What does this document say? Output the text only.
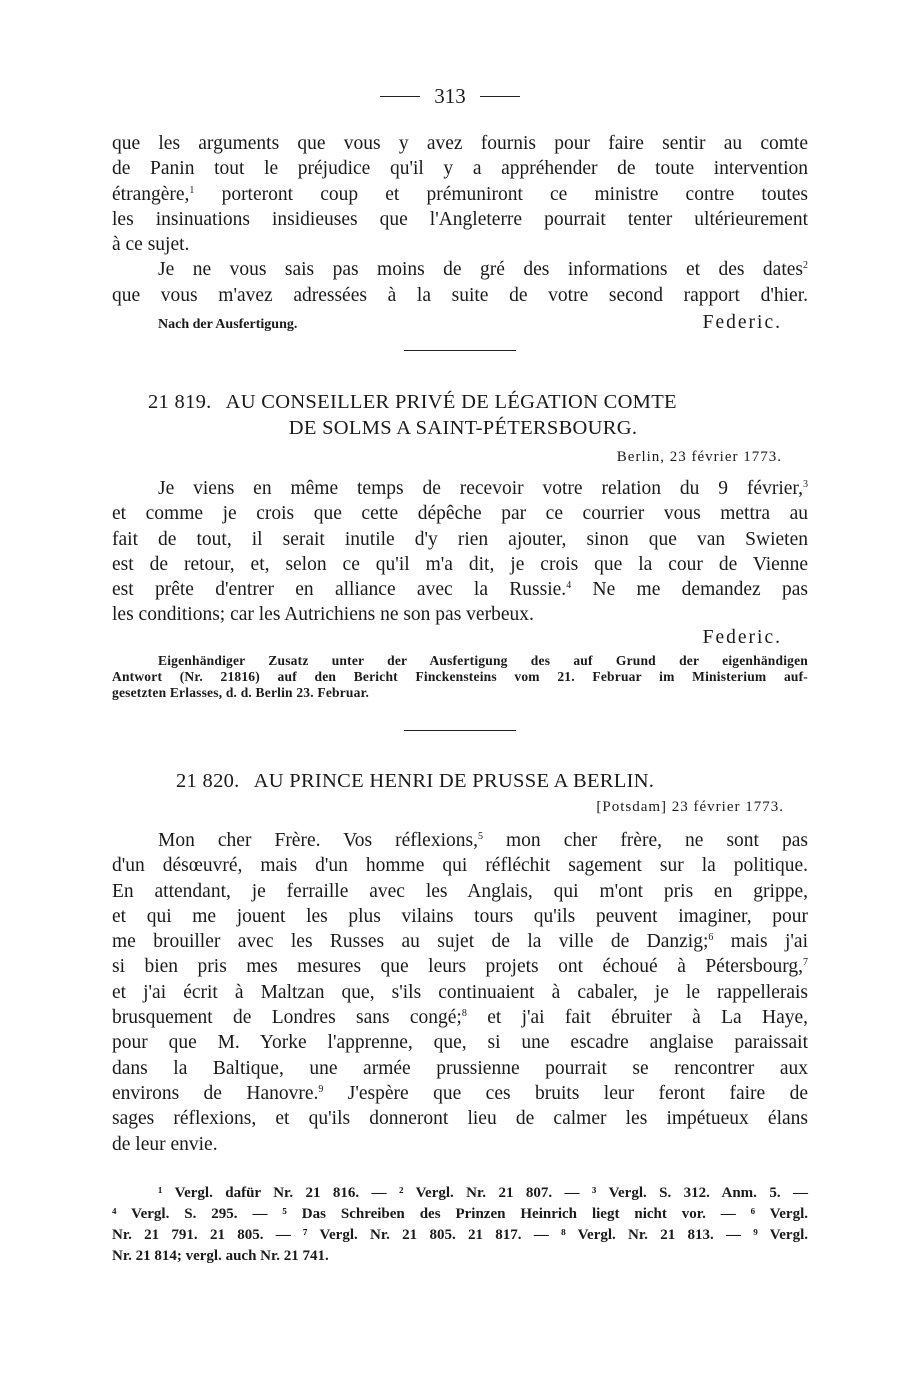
313
que les arguments que vous y avez fournis pour faire sentir au comte
de Panin tout le préjudice qu'il y a appréhender de toute intervention
étrangère,$^1$ porteront coup et prémuniront ce ministre contre toutes
les insinuations insidieuses que l'Angleterre pourrait tenter ultérieurement
à ce sujet.
Je ne vous sais pas moins de gré des informations et des dates$^2$
que vous m'avez adressées à la suite de votre second rapport d'hier.
Nach der Ausfertigung.	Federic.
21 819. AU CONSEILLER PRIVÉ DE LÉGATION COMTE
DE SOLMS A SAINT-PÉTERSBOURG.
Berlin, 23 février 1773.
Je viens en même temps de recevoir votre relation du 9 février,$^3$
et comme je crois que cette dépêche par ce courrier vous mettra au
fait de tout, il serait inutile d'y rien ajouter, sinon que van Swieten
est de retour, et, selon ce qu'il m'a dit, je crois que la cour de Vienne
est prête d'entrer en alliance avec la Russie.$^4$ Ne me demandez pas
les conditions; car les Autrichiens ne son pas verbeux.
Federic.
Eigenhändiger Zusatz unter der Ausfertigung des auf Grund der eigenhändigen
Antwort (Nr. 21816) auf den Bericht Finckensteins vom 21. Februar im Ministerium auf-
gesetzten Erlasses, d. d. Berlin 23. Februar.
21 820. AU PRINCE HENRI DE PRUSSE A BERLIN.
[Potsdam] 23 février 1773.
Mon cher Frère. Vos réflexions,$^5$ mon cher frère, ne sont pas
d'un désœuvré, mais d'un homme qui réfléchit sagement sur la politique.
En attendant, je ferraille avec les Anglais, qui m'ont pris en grippe,
et qui me jouent les plus vilains tours qu'ils peuvent imaginer, pour
me brouiller avec les Russes au sujet de la ville de Danzig;$^6$ mais j'ai
si bien pris mes mesures que leurs projets ont échoué à Pétersbourg,$^7$
et j'ai écrit à Maltzan que, s'ils continuaient à cabaler, je le rappellerais
brusquement de Londres sans congé;$^8$ et j'ai fait ébruiter à La Haye,
pour que M. Yorke l'apprenne, que, si une escadre anglaise paraissait
dans la Baltique, une armée prussienne pourrait se rencontrer aux
environs de Hanovre.$^9$ J'espère que ces bruits leur feront faire de
sages réflexions, et qu'ils donneront lieu de calmer les impétueux élans
de leur envie.
¹ Vergl. dafür Nr. 21 816. — ² Vergl. Nr. 21 807. — ³ Vergl. S. 312. Anm. 5. —
⁴ Vergl. S. 295. — ⁵ Das Schreiben des Prinzen Heinrich liegt nicht vor. — ⁶ Vergl.
Nr. 21 791. 21 805. — ⁷ Vergl. Nr. 21 805. 21 817. — ⁸ Vergl. Nr. 21 813. — ⁹ Vergl.
Nr. 21 814; vergl. auch Nr. 21 741.
